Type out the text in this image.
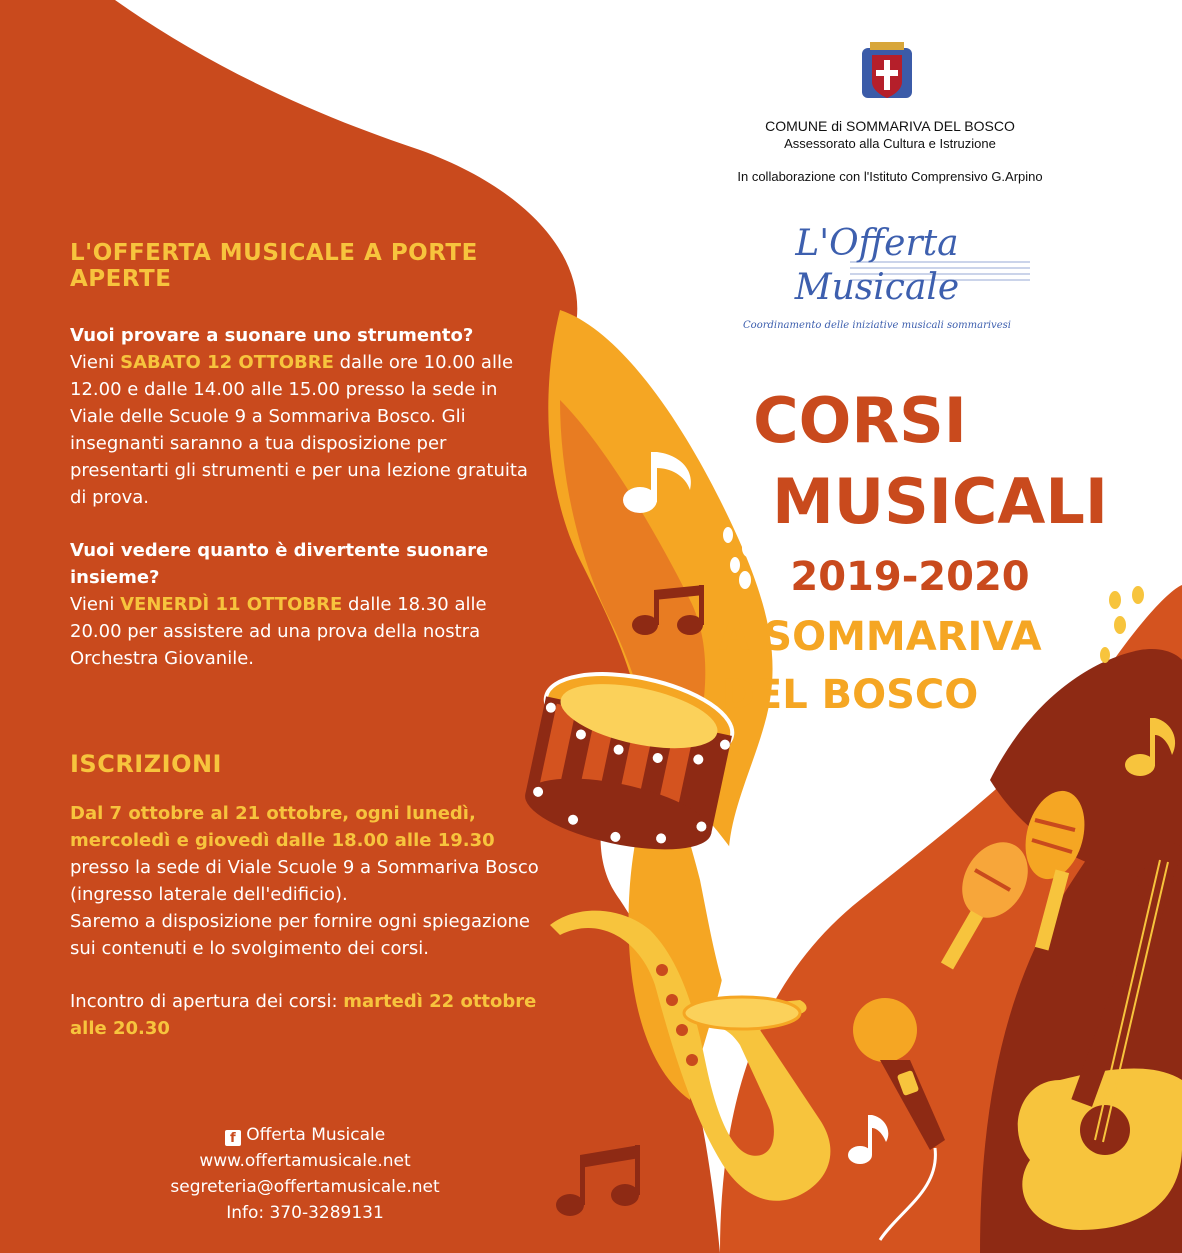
COMUNE di SOMMARIVA DEL BOSCO
Assessorato alla Cultura e Istruzione
In collaborazione con l'Istituto Comprensivo G.Arpino
L'Offerta Musicale
Coordinamento delle iniziative musicali sommarivesi
CORSI
MUSICALI
2019-2020
A SOMMARIVA
DEL BOSCO
L'OFFERTA MUSICALE A PORTE APERTE
Vuoi provare a suonare uno strumento?
Vieni SABATO 12 OTTOBRE dalle ore 10.00 alle 12.00 e dalle 14.00 alle 15.00 presso la sede in Viale delle Scuole 9 a Sommariva Bosco. Gli insegnanti saranno a tua disposizione per presentarti gli strumenti e per una lezione gratuita di prova.
Vuoi vedere quanto è divertente suonare insieme?
Vieni VENERDÌ 11 OTTOBRE dalle 18.30 alle 20.00 per assistere ad una prova della nostra Orchestra Giovanile.
ISCRIZIONI
Dal 7 ottobre al 21 ottobre, ogni lunedì, mercoledì e giovedì dalle 18.00 alle 19.30 presso la sede di Viale Scuole 9 a Sommariva Bosco (ingresso laterale dell'edificio).
Saremo a disposizione per fornire ogni spiegazione sui contenuti e lo svolgimento dei corsi.
Incontro di apertura dei corsi: martedì 22 ottobre alle 20.30
f Offerta Musicale
www.offertamusicale.net
segreteria@offertamusicale.net
Info: 370-3289131
